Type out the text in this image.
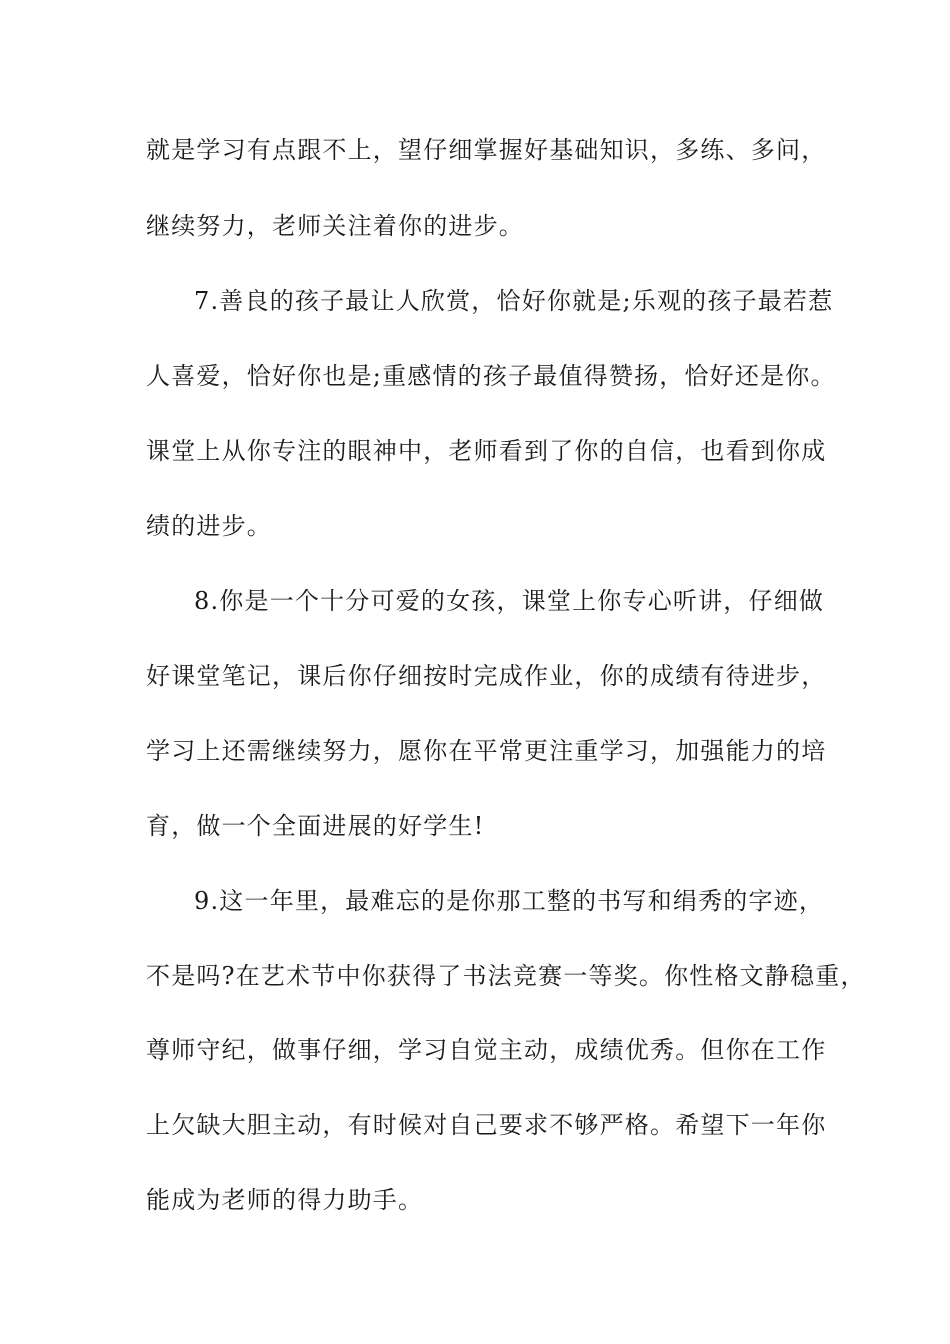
就是学习有点跟不上，望仔细掌握好基础知识，多练、多问，
继续努力，老师关注着你的进步。
7.善良的孩子最让人欣赏，恰好你就是;乐观的孩子最若惹
人喜爱，恰好你也是;重感情的孩子最值得赞扬，恰好还是你。
课堂上从你专注的眼神中，老师看到了你的自信，也看到你成
绩的进步。
8.你是一个十分可爱的女孩，课堂上你专心听讲，仔细做
好课堂笔记，课后你仔细按时完成作业，你的成绩有待进步，
学习上还需继续努力，愿你在平常更注重学习，加强能力的培
育，做一个全面进展的好学生!
9.这一年里，最难忘的是你那工整的书写和绢秀的字迹，
不是吗?在艺术节中你获得了书法竞赛一等奖。你性格文静稳重，
尊师守纪，做事仔细，学习自觉主动，成绩优秀。但你在工作
上欠缺大胆主动，有时候对自己要求不够严格。希望下一年你
能成为老师的得力助手。
